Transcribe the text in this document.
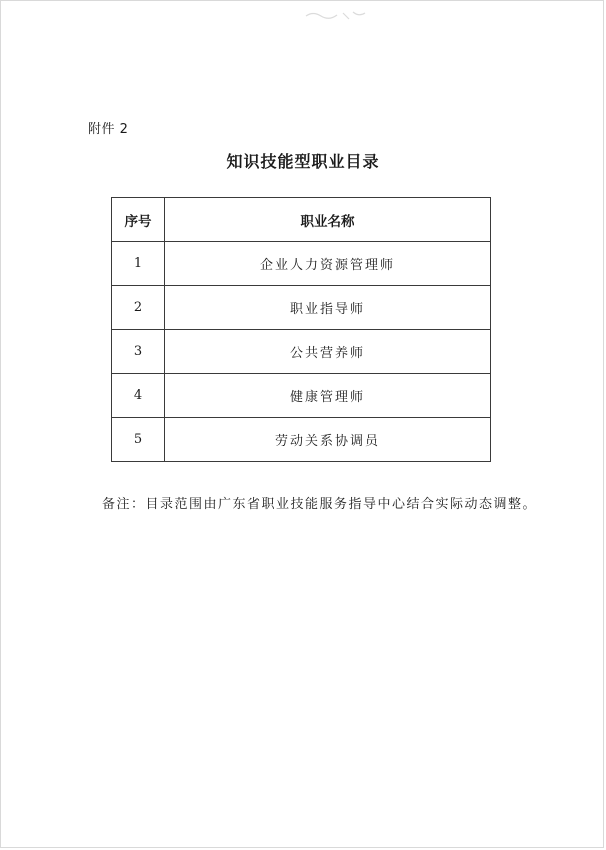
附件 2
知识技能型职业目录
序号	职业名称
1	企业人力资源管理师
2	职业指导师
3	公共营养师
4	健康管理师
5	劳动关系协调员
备注：目录范围由广东省职业技能服务指导中心结合实际动态调整。
